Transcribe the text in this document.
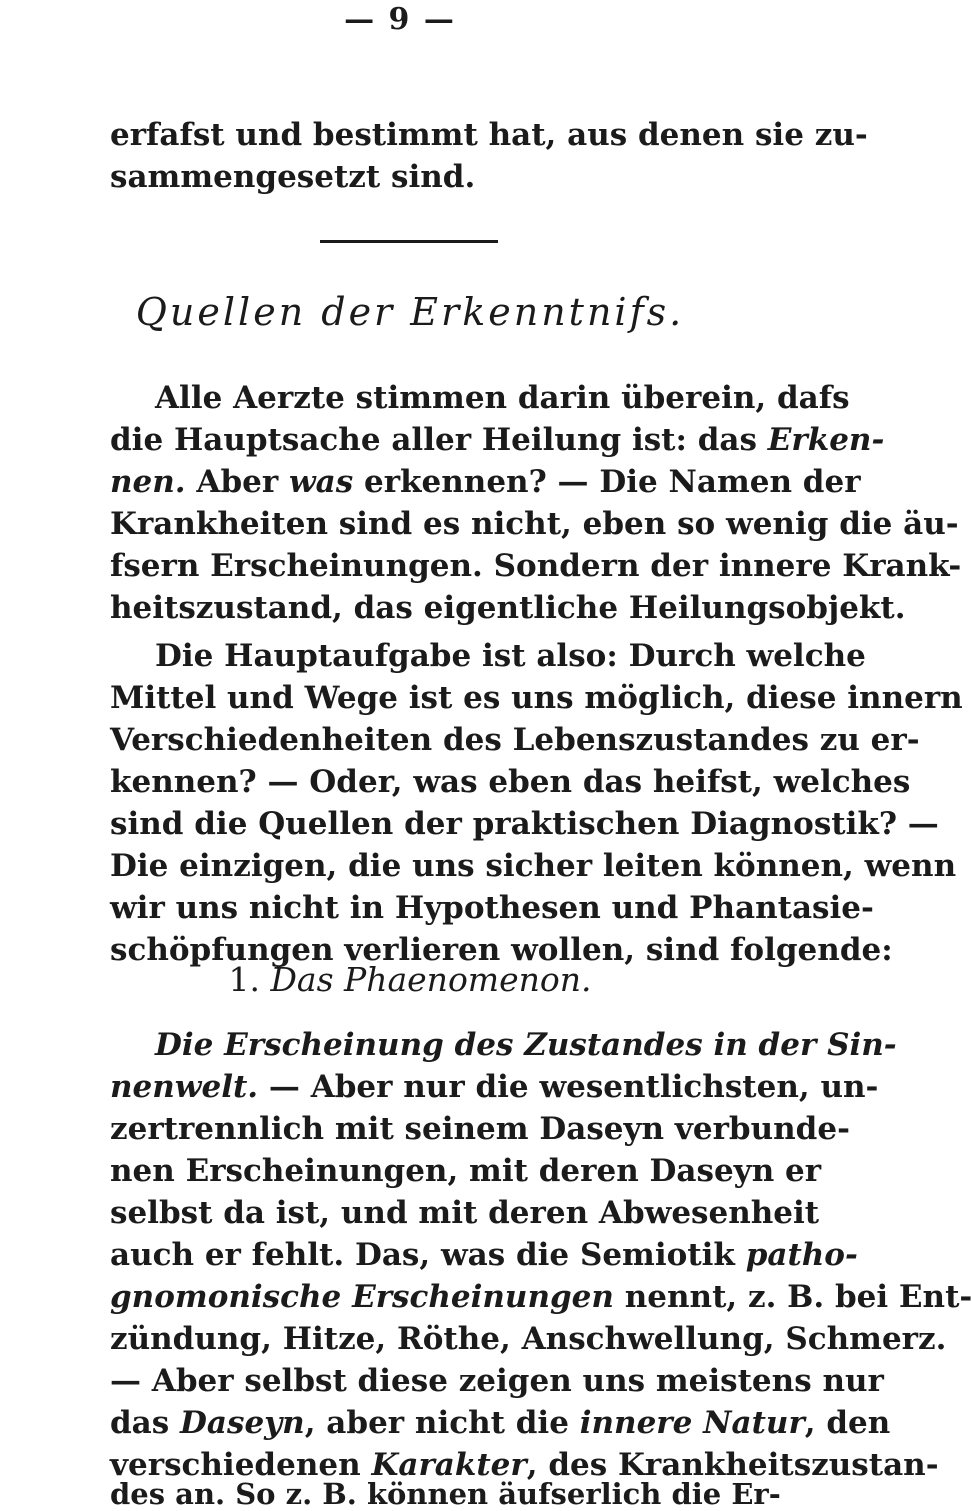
— 9 —
erfafst und bestimmt hat, aus denen sie zu-
sammengesetzt sind.
Quellen der Erkenntnifs.
Alle Aerzte stimmen darin überein, dafs
die Hauptsache aller Heilung ist: das Erken-
nen. Aber was erkennen? — Die Namen der
Krankheiten sind es nicht, eben so wenig die äu-
fsern Erscheinungen. Sondern der innere Krank-
heitszustand, das eigentliche Heilungsobjekt.
Die Hauptaufgabe ist also: Durch welche
Mittel und Wege ist es uns möglich, diese innern
Verschiedenheiten des Lebenszustandes zu er-
kennen? — Oder, was eben das heifst, welches
sind die Quellen der praktischen Diagnostik? —
Die einzigen, die uns sicher leiten können, wenn
wir uns nicht in Hypothesen und Phantasie-
schöpfungen verlieren wollen, sind folgende:
1. Das Phaenomenon.
Die Erscheinung des Zustandes in der Sin-
nenwelt. — Aber nur die wesentlichsten, un-
zertrennlich mit seinem Daseyn verbunde-
nen Erscheinungen, mit deren Daseyn er
selbst da ist, und mit deren Abwesenheit
auch er fehlt. Das, was die Semiotik patho-
gnomonische Erscheinungen nennt, z. B. bei Ent-
zündung, Hitze, Röthe, Anschwellung, Schmerz.
— Aber selbst diese zeigen uns meistens nur
das Daseyn, aber nicht die innere Natur, den
verschiedenen Karakter, des Krankheitszustan-
des an. So z. B. können äufserlich die Er-
